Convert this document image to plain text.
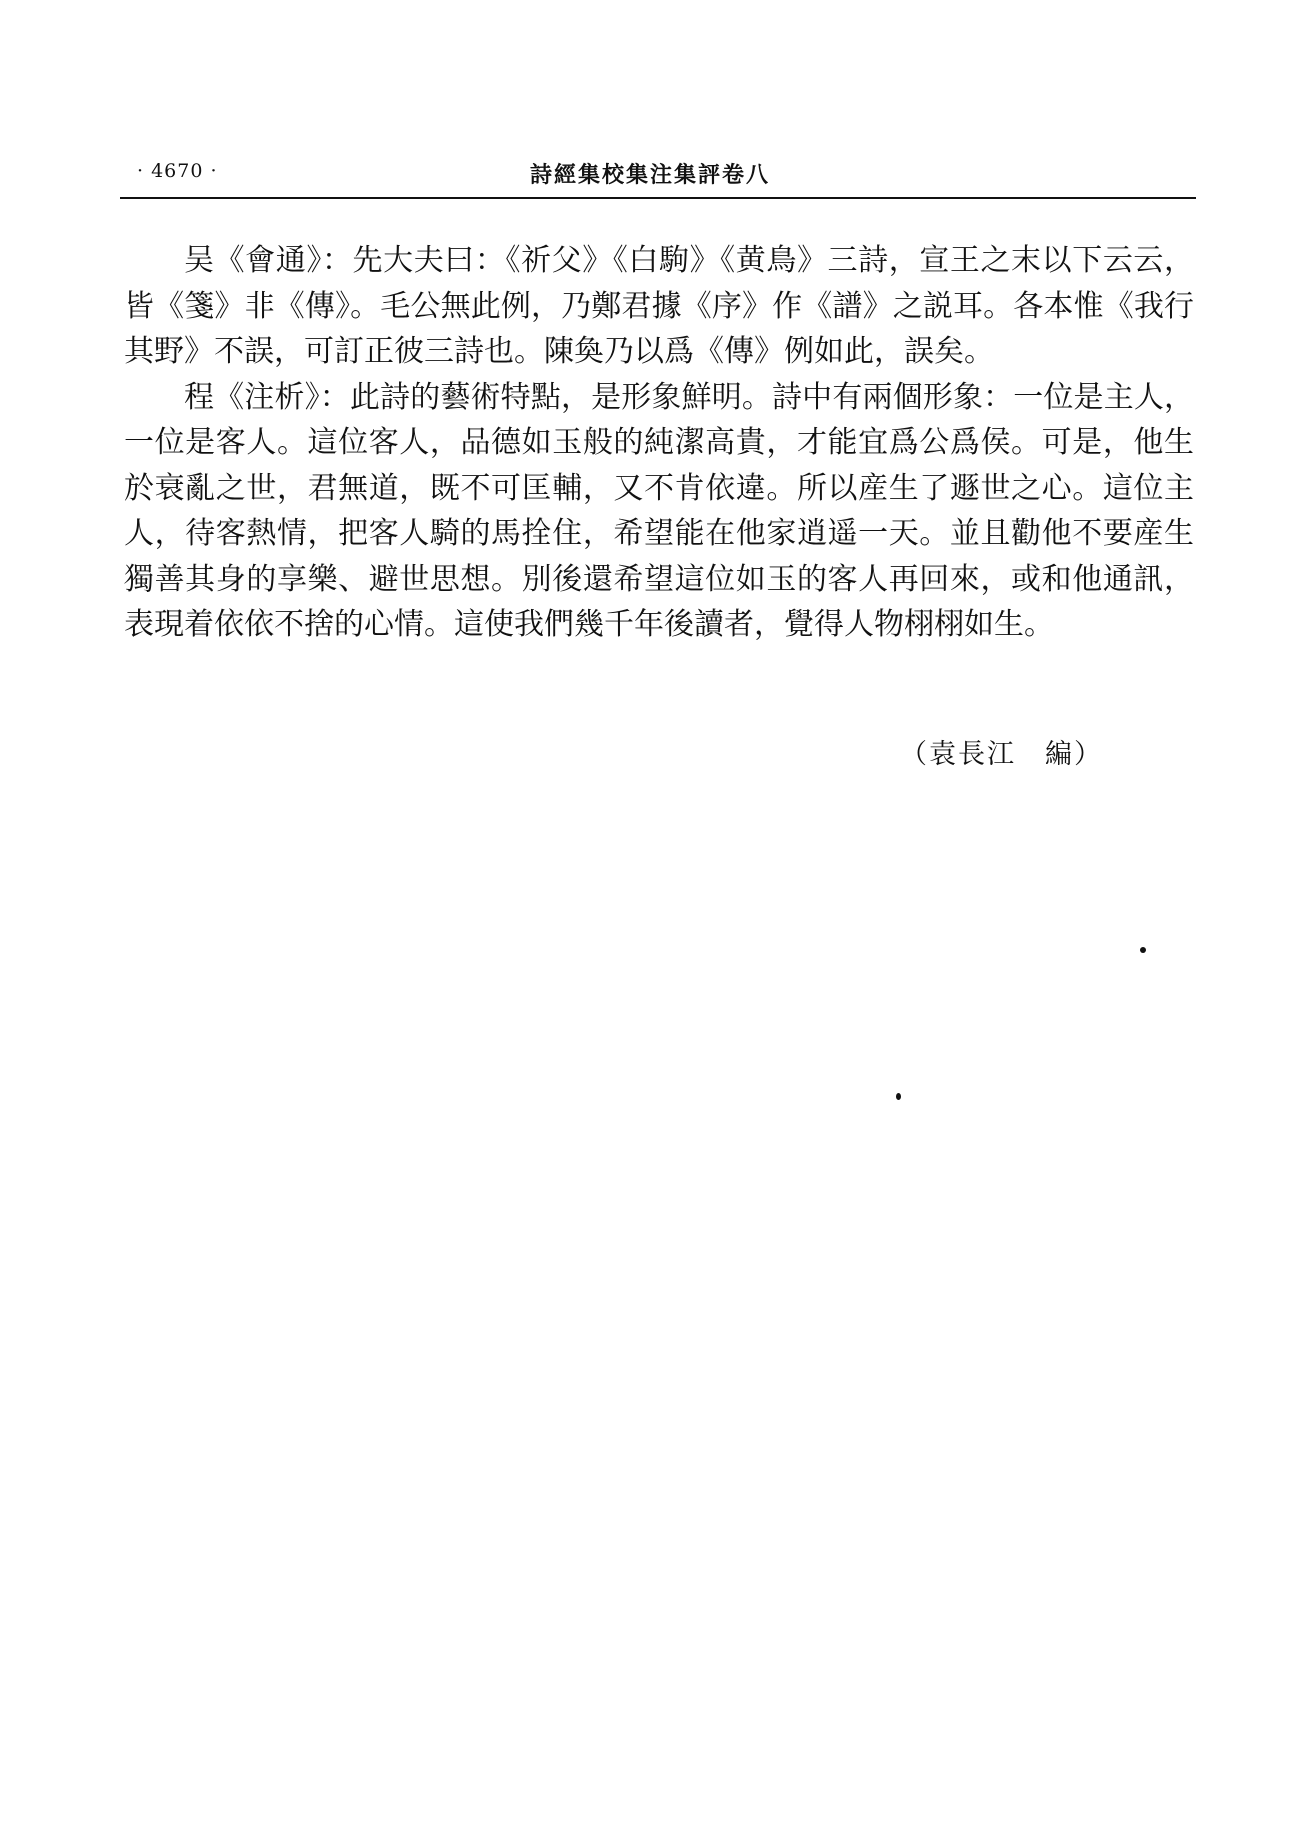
· 4670 ·	詩經集校集注集評卷八

吴《會通》：先大夫曰：《祈父》《白駒》《黄鳥》三詩，宣王之末以下云云，皆《箋》非《傳》。毛公無此例，乃鄭君據《序》作《譜》之説耳。各本惟《我行其野》不誤，可訂正彼三詩也。陳奐乃以爲《傳》例如此，誤矣。

程《注析》：此詩的藝術特點，是形象鮮明。詩中有兩個形象：一位是主人，一位是客人。這位客人，品德如玉般的純潔高貴，才能宜爲公爲侯。可是，他生於衰亂之世，君無道，既不可匡輔，又不肯依違。所以産生了遯世之心。這位主人，待客熱情，把客人騎的馬拴住，希望能在他家逍遥一天。並且勸他不要産生獨善其身的享樂、避世思想。別後還希望這位如玉的客人再回來，或和他通訊，表現着依依不捨的心情。這使我們幾千年後讀者，覺得人物栩栩如生。

（袁長江　編）
